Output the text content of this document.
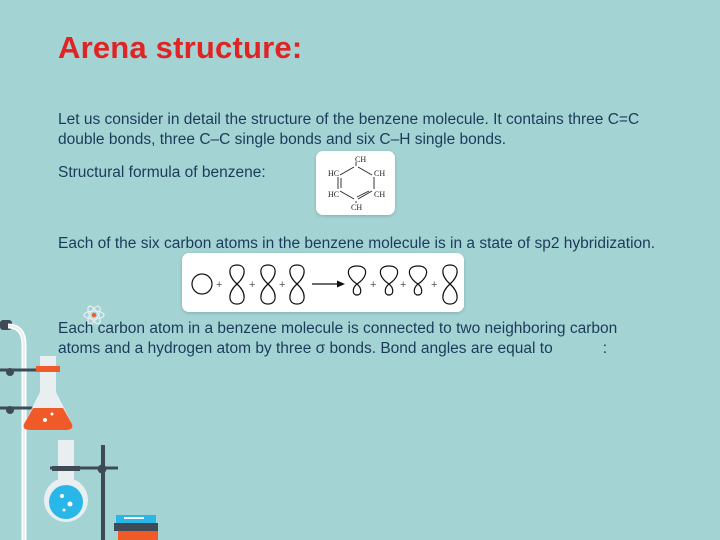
Arena structure:
Let us consider in detail the structure of the benzene molecule. It contains three C=C double bonds, three C–C single bonds and six C–H single bonds.
Structural formula of benzene:
CH
HC	CH
HC	CH
CH
Each of the six carbon atoms in the benzene molecule is in a state of sp2 hybridization.
+ + +	+ + +
Each carbon atom in a benzene molecule is connected to two neighboring carbon atoms and a hydrogen atom by three σ bonds. Bond angles are equal to	:
